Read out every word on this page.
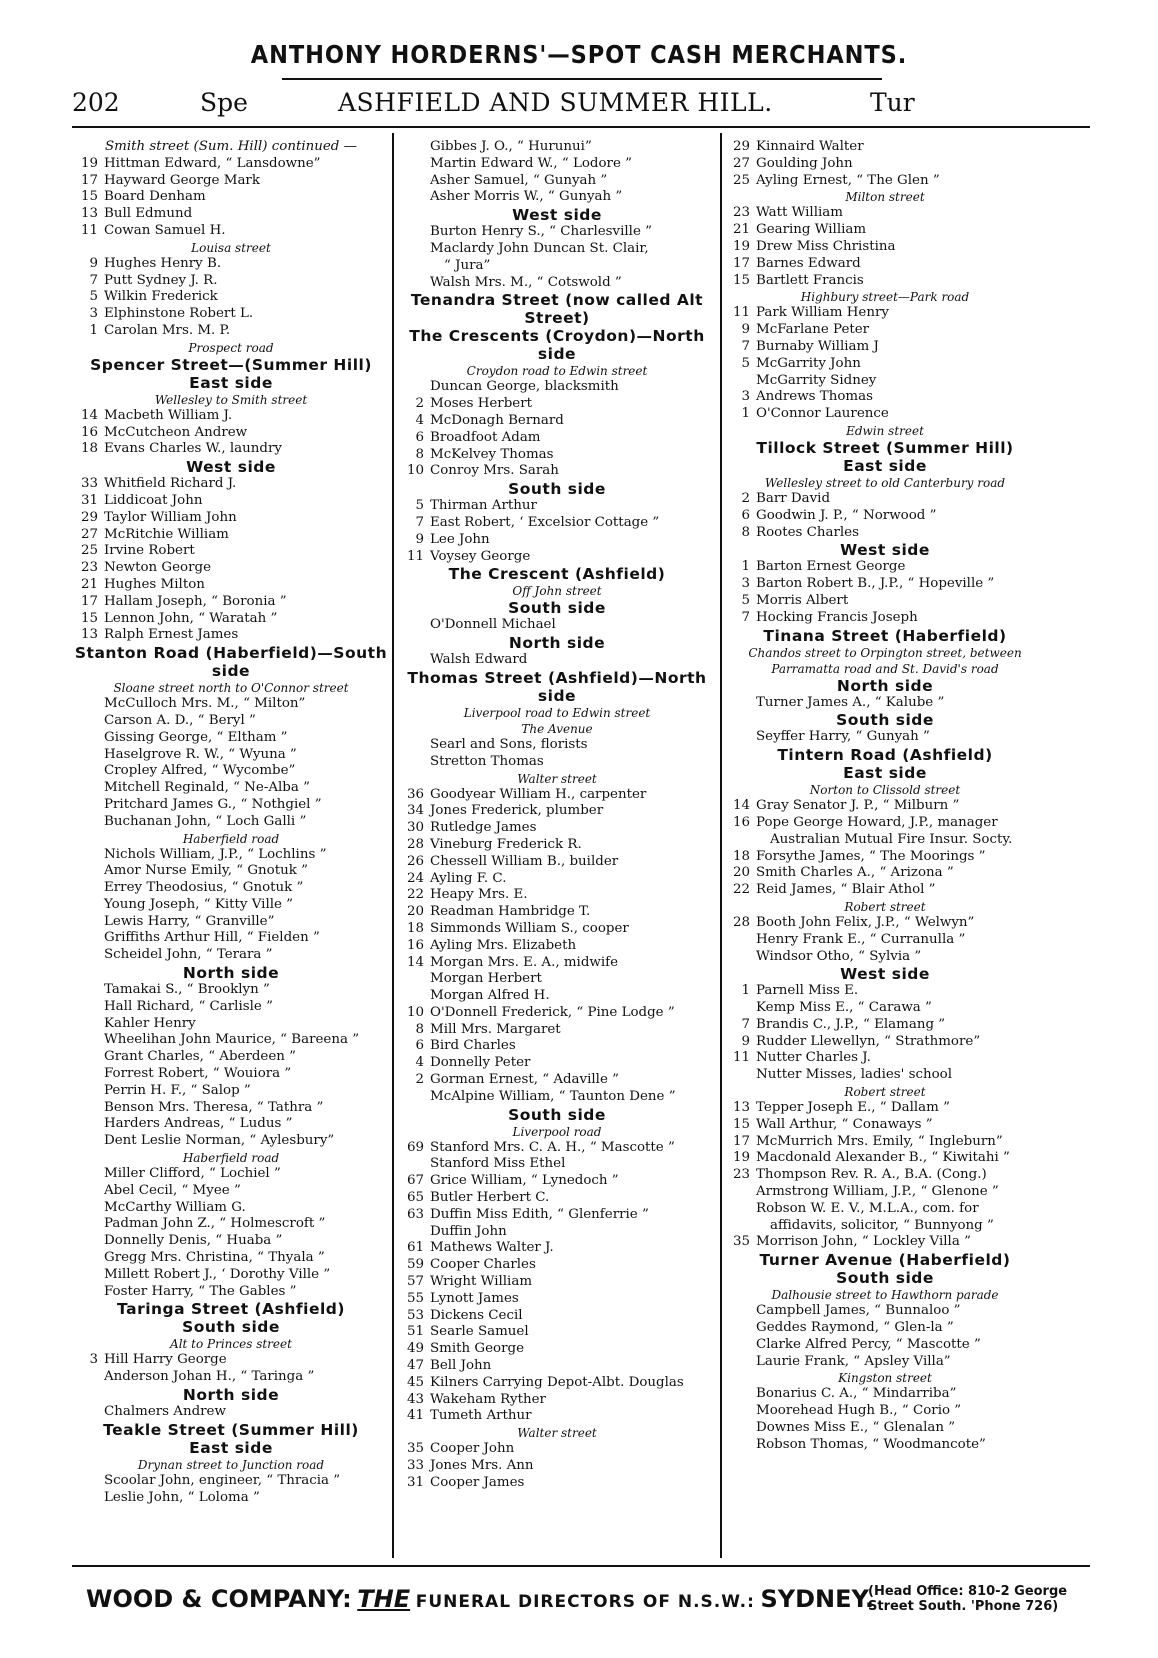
ANTHONY HORDERNS'—SPOT CASH MERCHANTS.
202	Spe	ASHFIELD AND SUMMER HILL.	Tur
Smith street (Sum. Hill) continued —
19 Hittman Edward, “ Lansdowne”
17 Hayward George Mark
15 Board Denham
13 Bull Edmund
11 Cowan Samuel H.
Louisa street
9 Hughes Henry B.
7 Putt Sydney J. R.
5 Wilkin Frederick
3 Elphinstone Robert L.
1 Carolan Mrs. M. P.
Prospect road
Spencer Street—(Summer Hill)
East side
Wellesley to Smith street
14 Macbeth William J.
16 McCutcheon Andrew
18 Evans Charles W., laundry
West side
33 Whitfield Richard J.
31 Liddicoat John
29 Taylor William John
27 McRitchie William
25 Irvine Robert
23 Newton George
21 Hughes Milton
17 Hallam Joseph, “ Boronia ”
15 Lennon John, “ Waratah ”
13 Ralph Ernest James
Stanton Road (Haberfield)—South side
Sloane street north to O'Connor street
McCulloch Mrs. M., “ Milton”
Carson A. D., “ Beryl ”
Gissing George, “ Eltham ”
Haselgrove R. W., “ Wyuna ”
Cropley Alfred, “ Wycombe”
Mitchell Reginald, “ Ne-Alba ”
Pritchard James G., “ Nothgiel ”
Buchanan John, “ Loch Galli ”
Haberfield road
Nichols William, J.P., “ Lochlins ”
Amor Nurse Emily, “ Gnotuk ”
Errey Theodosius, “ Gnotuk ”
Young Joseph, “ Kitty Ville ”
Lewis Harry, “ Granville”
Griffiths Arthur Hill, “ Fielden ”
Scheidel John, “ Terara ”
North side
Tamakai S., “ Brooklyn ”
Hall Richard, “ Carlisle ”
Kahler Henry
Wheelihan John Maurice, “ Bareena ”
Grant Charles, “ Aberdeen ”
Forrest Robert, “ Wouiora ”
Perrin H. F., “ Salop ”
Benson Mrs. Theresa, “ Tathra ”
Harders Andreas, “ Ludus ”
Dent Leslie Norman, “ Aylesbury”
Haberfield road
Miller Clifford, “ Lochiel ”
Abel Cecil, “ Myee ”
McCarthy William G.
Padman John Z., “ Holmescroft ”
Donnelly Denis, “ Huaba ”
Gregg Mrs. Christina, “ Thyala ”
Millett Robert J., ‘ Dorothy Ville ”
Foster Harry, “ The Gables ”
Taringa Street (Ashfield)
South side
Alt to Princes street
3 Hill Harry George
Anderson Johan H., “ Taringa ”
North side
Chalmers Andrew
Teakle Street (Summer Hill)
East side
Drynan street to Junction road
Scoolar John, engineer, “ Thracia ”
Leslie John, “ Loloma ”
Gibbes J. O., “ Hurunui”
Martin Edward W., “ Lodore ”
Asher Samuel, “ Gunyah ”
Asher Morris W., “ Gunyah ”
West side
Burton Henry S., “ Charlesville ”
Maclardy John Duncan St. Clair,
“ Jura”
Walsh Mrs. M., “ Cotswold ”
Tenandra Street (now called Alt Street)
The Crescents (Croydon)—North side
Croydon road to Edwin street
Duncan George, blacksmith
2 Moses Herbert
4 McDonagh Bernard
6 Broadfoot Adam
8 McKelvey Thomas
10 Conroy Mrs. Sarah
South side
5 Thirman Arthur
7 East Robert, ‘ Excelsior Cottage ”
9 Lee John
11 Voysey George
The Crescent (Ashfield)
Off John street
South side
O'Donnell Michael
North side
Walsh Edward
Thomas Street (Ashfield)—North side
Liverpool road to Edwin street
The Avenue
Searl and Sons, florists
Stretton Thomas
Walter street
36 Goodyear William H., carpenter
34 Jones Frederick, plumber
30 Rutledge James
28 Vineburg Frederick R.
26 Chessell William B., builder
24 Ayling F. C.
22 Heapy Mrs. E.
20 Readman Hambridge T.
18 Simmonds William S., cooper
16 Ayling Mrs. Elizabeth
14 Morgan Mrs. E. A., midwife
Morgan Herbert
Morgan Alfred H.
10 O'Donnell Frederick, “ Pine Lodge ”
8 Mill Mrs. Margaret
6 Bird Charles
4 Donnelly Peter
2 Gorman Ernest, “ Adaville ”
McAlpine William, “ Taunton Dene ”
South side
Liverpool road
69 Stanford Mrs. C. A. H., “ Mascotte ”
Stanford Miss Ethel
67 Grice William, “ Lynedoch ”
65 Butler Herbert C.
63 Duffin Miss Edith, “ Glenferrie ”
Duffin John
61 Mathews Walter J.
59 Cooper Charles
57 Wright William
55 Lynott James
53 Dickens Cecil
51 Searle Samuel
49 Smith George
47 Bell John
45 Kilners Carrying Depot-Albt. Douglas
43 Wakeham Ryther
41 Tumeth Arthur
Walter street
35 Cooper John
33 Jones Mrs. Ann
31 Cooper James
29 Kinnaird Walter
27 Goulding John
25 Ayling Ernest, “ The Glen ”
Milton street
23 Watt William
21 Gearing William
19 Drew Miss Christina
17 Barnes Edward
15 Bartlett Francis
Highbury street—Park road
11 Park William Henry
9 McFarlane Peter
7 Burnaby William J
5 McGarrity John
McGarrity Sidney
3 Andrews Thomas
1 O'Connor Laurence
Edwin street
Tillock Street (Summer Hill)
East side
Wellesley street to old Canterbury road
2 Barr David
6 Goodwin J. P., “ Norwood ”
8 Rootes Charles
West side
1 Barton Ernest George
3 Barton Robert B., J.P., “ Hopeville ”
5 Morris Albert
7 Hocking Francis Joseph
Tinana Street (Haberfield)
Chandos street to Orpington street, between Parramatta road and St. David's road
North side
Turner James A., “ Kalube ”
South side
Seyffer Harry, “ Gunyah ”
Tintern Road (Ashfield)
East side
Norton to Clissold street
14 Gray Senator J. P., “ Milburn ”
16 Pope George Howard, J.P., manager
Australian Mutual Fire Insur. Socty.
18 Forsythe James, “ The Moorings ”
20 Smith Charles A., “ Arizona ”
22 Reid James, “ Blair Athol ”
Robert street
28 Booth John Felix, J.P., “ Welwyn”
Henry Frank E., “ Curranulla ”
Windsor Otho, “ Sylvia ”
West side
1 Parnell Miss E.
Kemp Miss E., “ Carawa ”
7 Brandis C., J.P., “ Elamang ”
9 Rudder Llewellyn, “ Strathmore”
11 Nutter Charles J.
Nutter Misses, ladies' school
Robert street
13 Tepper Joseph E., “ Dallam ”
15 Wall Arthur, “ Conaways ”
17 McMurrich Mrs. Emily, “ Ingleburn”
19 Macdonald Alexander B., “ Kiwitahi ”
23 Thompson Rev. R. A., B.A. (Cong.)
Armstrong William, J.P., “ Glenone ”
Robson W. E. V., M.L.A., com. for
affidavits, solicitor, “ Bunnyong ”
35 Morrison John, “ Lockley Villa ”
Turner Avenue (Haberfield)
South side
Dalhousie street to Hawthorn parade
Campbell James, “ Bunnaloo ”
Geddes Raymond, “ Glen-la ”
Clarke Alfred Percy, “ Mascotte ”
Laurie Frank, “ Apsley Villa”
Kingston street
Bonarius C. A., “ Mindarriba”
Moorehead Hugh B., “ Corio ”
Downes Miss E., “ Glenalan ”
Robson Thomas, “ Woodmancote”
WOOD & COMPANY: THE FUNERAL DIRECTORS OF N.S.W.: SYDNEY.
(Head Office: 810-2 George
Street South. 'Phone 726)
